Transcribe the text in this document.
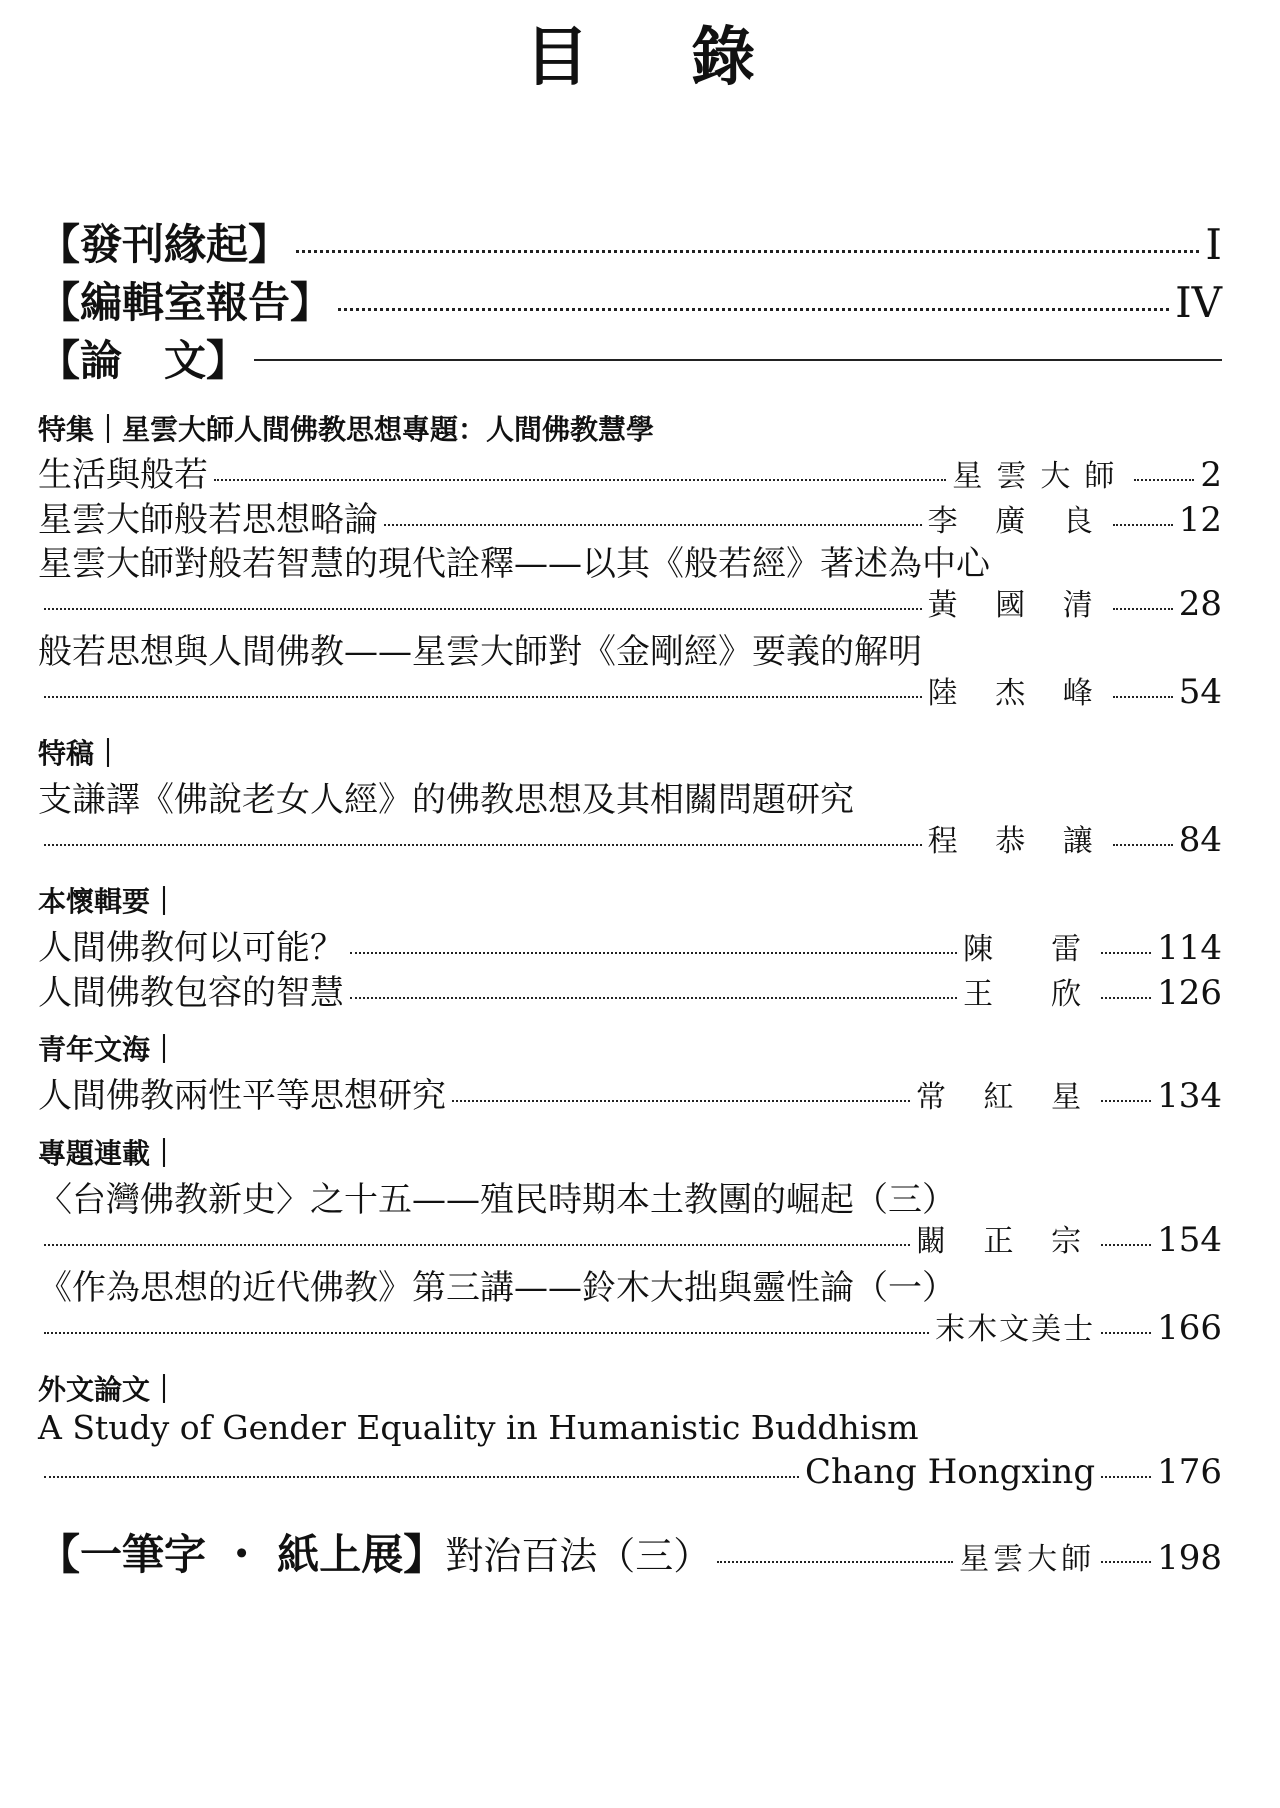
目 錄
【發刊緣起】	I
【編輯室報告】	IV
【論　文】
特集｜星雲大師人間佛教思想專題：人間佛教慧學
生活與般若	星雲大師 2
星雲大師般若思想略論	李 廣 良 12
星雲大師對般若智慧的現代詮釋——以其《般若經》著述為中心
黃 國 清 28
般若思想與人間佛教——星雲大師對《金剛經》要義的解明
陸 杰 峰 54
特稿｜
支謙譯《佛說老女人經》的佛教思想及其相關問題研究
程 恭 讓 84
本懷輯要｜
人間佛教何以可能？	陳　雷 114
人間佛教包容的智慧	王　欣 126
青年文海｜
人間佛教兩性平等思想研究	常 紅 星 134
專題連載｜
〈台灣佛教新史〉之十五——殖民時期本土教團的崛起（三）
闞 正 宗 154
《作為思想的近代佛教》第三講——鈴木大拙與靈性論（一）
末木文美士 166
外文論文｜
A Study of Gender Equality in Humanistic Buddhism
Chang Hongxing 176
【一筆字 ・ 紙上展】 對治百法（三）	星雲大師 198
